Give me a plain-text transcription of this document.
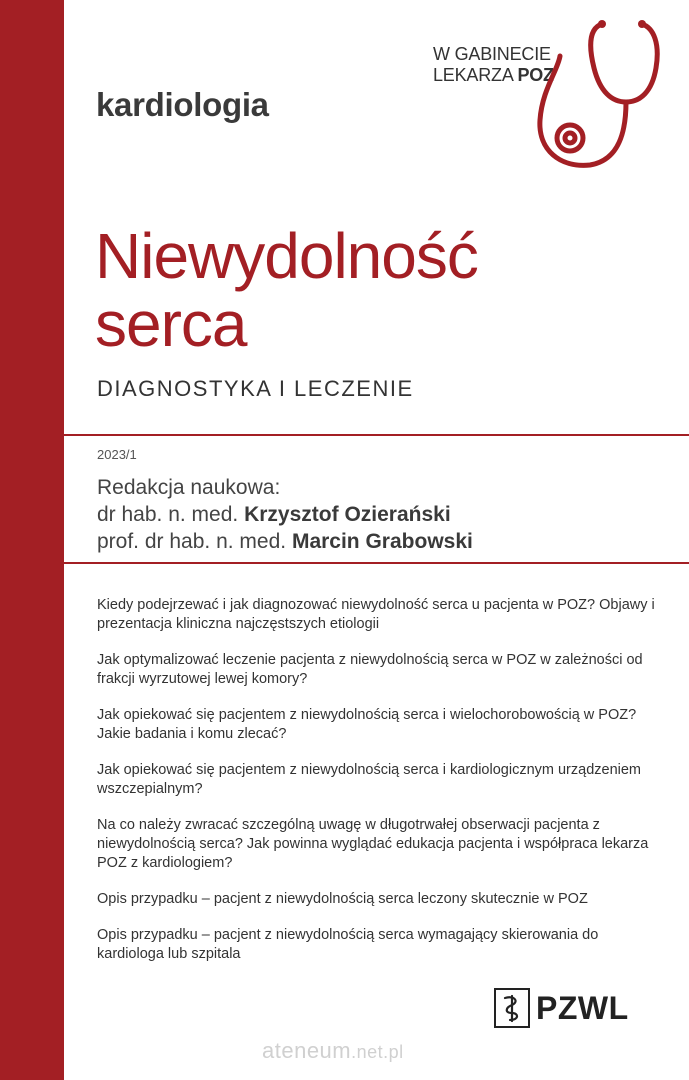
kardiologia
W GABINECIE
LEKARZA POZ
Niewydolność
serca
DIAGNOSTYKA I LECZENIE
2023/1
Redakcja naukowa:
dr hab. n. med. Krzysztof Ozierański
prof. dr hab. n. med. Marcin Grabowski
Kiedy podejrzewać i jak diagnozować niewydolność serca u pacjenta w POZ? Objawy i prezentacja kliniczna najczęstszych etiologii
Jak optymalizować leczenie pacjenta z niewydolnością serca w POZ w zależności od frakcji wyrzutowej lewej komory?
Jak opiekować się pacjentem z niewydolnością serca i wielochorobowością w POZ? Jakie badania i komu zlecać?
Jak opiekować się pacjentem z niewydolnością serca i kardiologicznym urządzeniem wszczepialnym?
Na co należy zwracać szczególną uwagę w długotrwałej obserwacji pacjenta z niewydolnością serca? Jak powinna wyglądać edukacja pacjenta i współpraca lekarza POZ z kardiologiem?
Opis przypadku – pacjent z niewydolnością serca leczony skutecznie w POZ
Opis przypadku – pacjent z niewydolnością serca wymagający skierowania do kardiologa lub szpitala
PZWL
ateneum.net.pl
